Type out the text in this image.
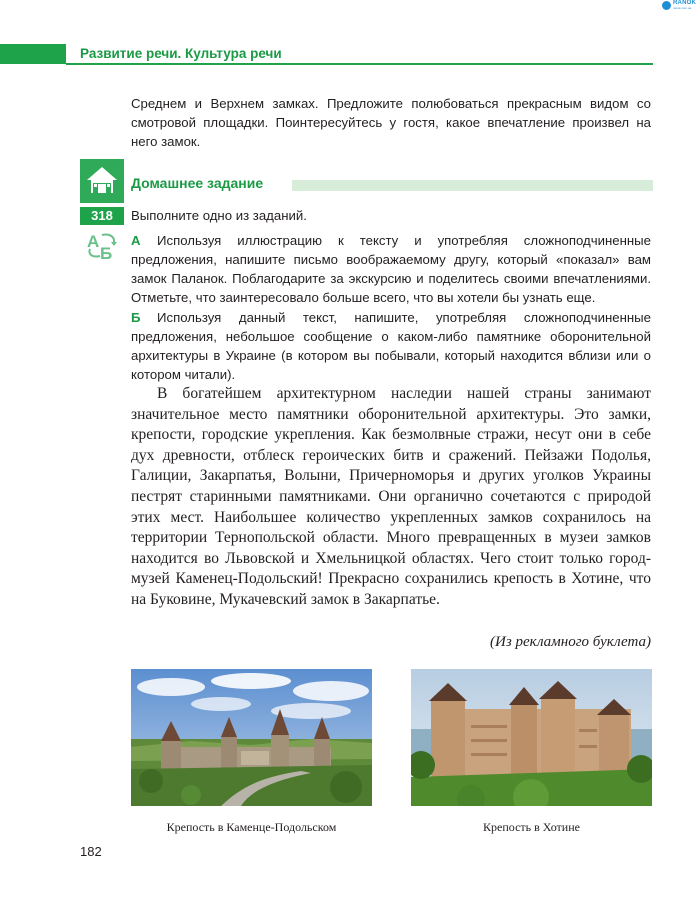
RANOK
ranok.com.ua
Развитие речи. Культура речи
Среднем и Верхнем замках. Предложите полюбоваться прекрасным видом со смотровой площадки. Поинтересуйтесь у гостя, какое впечатление произвел на него замок.
Домашнее задание
318	Выполните одно из заданий.
А
Б
А Используя иллюстрацию к тексту и употребляя сложноподчиненные предложения, напишите письмо воображаемому другу, который «показал» вам замок Паланок. Поблагодарите за экскурсию и поделитесь своими впечатлениями. Отметьте, что заинтересовало больше всего, что вы хотели бы узнать еще.
Б Используя данный текст, напишите, употребляя сложноподчиненные предложения, небольшое сообщение о каком-либо памятнике оборонительной архитектуры в Украине (в котором вы побывали, который находится вблизи или о котором читали).
В богатейшем архитектурном наследии нашей страны занимают значительное место памятники оборонительной архитектуры. Это замки, крепости, городские укрепления. Как безмолвные стражи, несут они в себе дух древности, отблеск героических битв и сражений. Пейзажи Подолья, Галиции, Закарпатья, Волыни, Причерноморья и других уголков Украины пестрят старинными памятниками. Они органично сочетаются с природой этих мест. Наибольшее количество укрепленных замков сохранилось на территории Тернопольской области. Много превращенных в музеи замков находится во Львовской и Хмельницкой областях. Чего стоит только город-музей Каменец-Подольский! Прекрасно сохранились крепость в Хотине, что на Буковине, Мукачевский замок в Закарпатье.
(Из рекламного буклета)
Крепость в Каменце-Подольском	Крепость в Хотине
182
